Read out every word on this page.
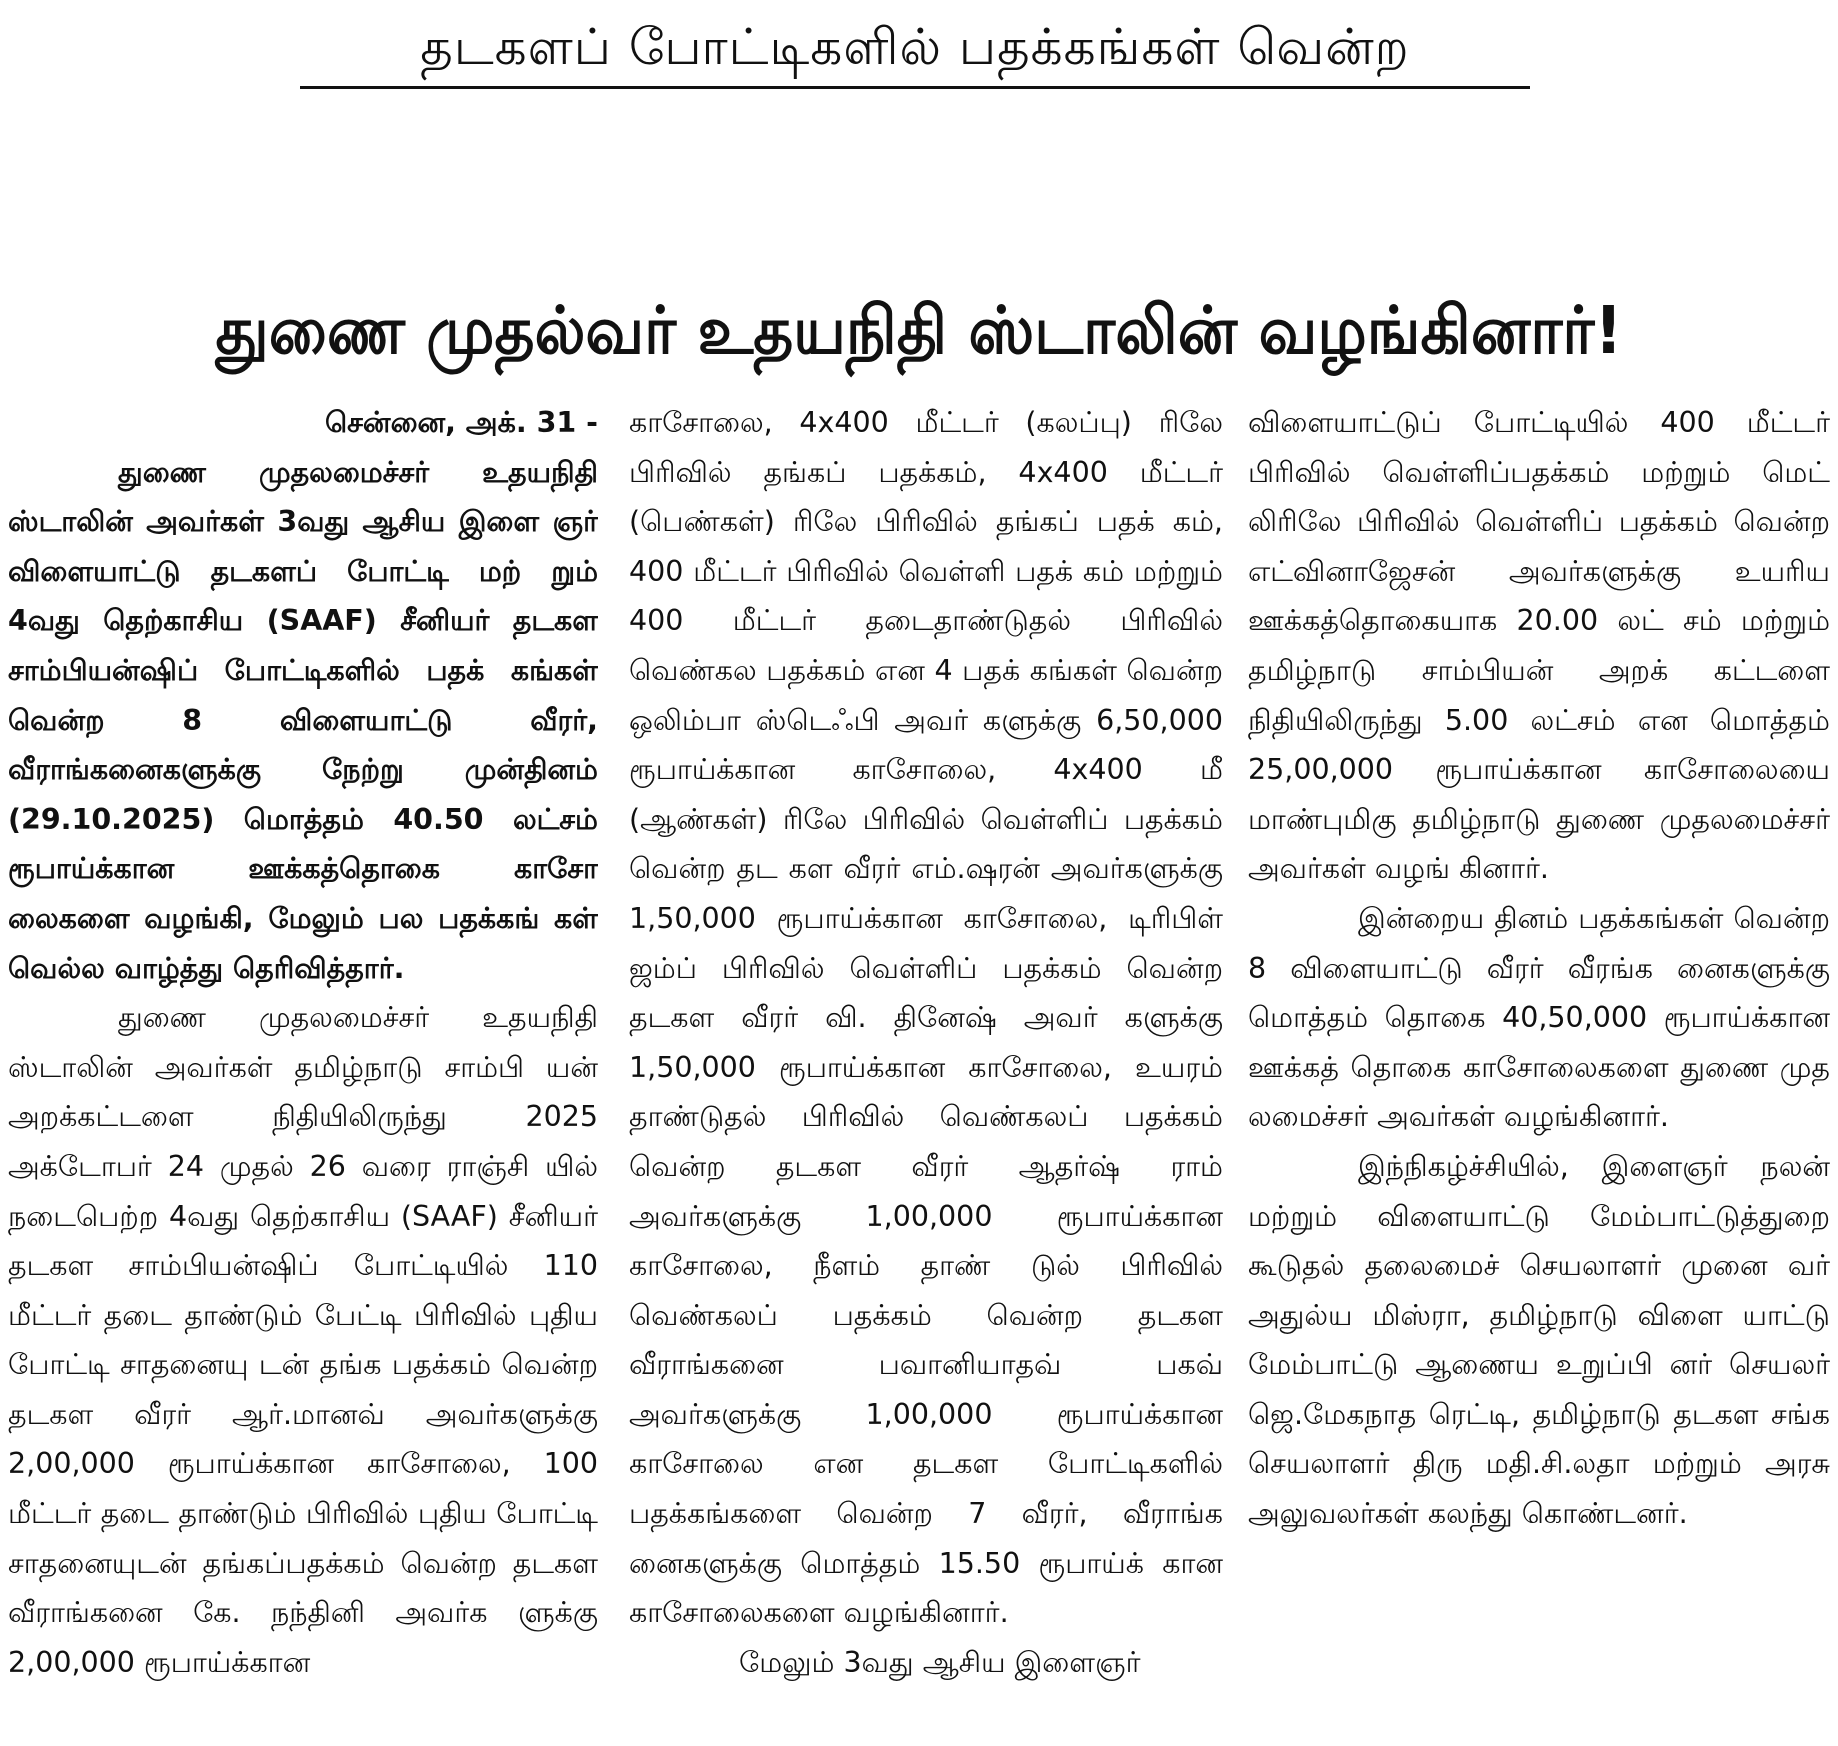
தடகளப் போட்டிகளில் பதக்கங்கள் வென்ற
துணை முதல்வர் உதயநிதி ஸ்டாலின் வழங்கினார்!
சென்னை, அக். 31 -

துணை முதலமைச்சர் உதயநிதி ஸ்டாலின் அவர்கள் 3வது ஆசிய இளை ஞர் விளையாட்டு தடகளப் போட்டி மற் றும் 4வது தெற்காசிய (SAAF) சீனியர் தடகள சாம்பியன்ஷிப் போட்டிகளில் பதக் கங்கள் வென்ற 8 விளையாட்டு வீரர், வீராங்கனைகளுக்கு நேற்று முன்தினம் (29.10.2025) மொத்தம் 40.50 லட்சம் ரூபாய்க்கான ஊக்கத்தொகை காசோ லைகளை வழங்கி, மேலும் பல பதக்கங் கள் வெல்ல வாழ்த்து தெரிவித்தார்.

துணை முதலமைச்சர் உதயநிதி ஸ்டாலின் அவர்கள் தமிழ்நாடு சாம்பி யன் அறக்கட்டளை நிதியிலிருந்து 2025 அக்டோபர் 24 முதல் 26 வரை ராஞ்சி யில் நடைபெற்ற 4வது தெற்காசிய (SAAF) சீனியர் தடகள சாம்பியன்ஷிப் போட்டியில் 110 மீட்டர் தடை தாண்டும் பேட்டி பிரிவில் புதிய போட்டி சாதனையு டன் தங்க பதக்கம் வென்ற தடகள வீரர் ஆர்.மானவ் அவர்களுக்கு 2,00,000 ரூபாய்க்கான காசோலை, 100 மீட்டர் தடை தாண்டும் பிரிவில் புதிய போட்டி சாதனையுடன் தங்கப்பதக்கம் வென்ற தடகள வீராங்கனை கே. நந்தினி அவர்க ளுக்கு 2,00,000 ரூபாய்க்கான

காசோலை, 4x400 மீட்டர் (கலப்பு) ரிலே பிரிவில் தங்கப் பதக்கம், 4x400 மீட்டர் (பெண்கள்) ரிலே பிரிவில் தங்கப் பதக் கம், 400 மீட்டர் பிரிவில் வெள்ளி பதக் கம் மற்றும் 400 மீட்டர் தடைதாண்டுதல் பிரிவில் வெண்கல பதக்கம் என 4 பதக் கங்கள் வென்ற ஒலிம்பா ஸ்டெஃபி அவர் களுக்கு 6,50,000 ரூபாய்க்கான காசோலை, 4x400 மீ (ஆண்கள்) ரிலே பிரிவில் வெள்ளிப் பதக்கம் வென்ற தட கள வீரர் எம்.ஷரன் அவர்களுக்கு 1,50,000 ரூபாய்க்கான காசோலை, டிரிபிள் ஜம்ப் பிரிவில் வெள்ளிப் பதக்கம் வென்ற தடகள வீரர் வி. தினேஷ் அவர் களுக்கு 1,50,000 ரூபாய்க்கான காசோலை, உயரம் தாண்டுதல் பிரிவில் வெண்கலப் பதக்கம் வென்ற தடகள வீரர் ஆதர்ஷ் ராம் அவர்களுக்கு 1,00,000 ரூபாய்க்கான காசோலை, நீளம் தாண் டுல் பிரிவில் வெண்கலப் பதக்கம் வென்ற தடகள வீராங்கனை பவானியாதவ் பகவ் அவர்களுக்கு 1,00,000 ரூபாய்க்கான காசோலை என தடகள போட்டிகளில் பதக்கங்களை வென்ற 7 வீரர், வீராங்க னைகளுக்கு மொத்தம் 15.50 ரூபாய்க் கான காசோலைகளை வழங்கினார்.

மேலும் 3வது ஆசிய இளைஞர்

விளையாட்டுப் போட்டியில் 400 மீட்டர் பிரிவில் வெள்ளிப்பதக்கம் மற்றும் மெட் லிரிலே பிரிவில் வெள்ளிப் பதக்கம் வென்ற எட்வினாஜேசன் அவர்களுக்கு உயரிய ஊக்கத்தொகையாக 20.00 லட் சம் மற்றும் தமிழ்நாடு சாம்பியன் அறக் கட்டளை நிதியிலிருந்து 5.00 லட்சம் என மொத்தம் 25,00,000 ரூபாய்க்கான காசோலையை மாண்புமிகு தமிழ்நாடு துணை முதலமைச்சர் அவர்கள் வழங் கினார்.

இன்றைய தினம் பதக்கங்கள் வென்ற 8 விளையாட்டு வீரர் வீரங்க னைகளுக்கு மொத்தம் தொகை 40,50,000 ரூபாய்க்கான ஊக்கத் தொகை காசோலைகளை துணை முத லமைச்சர் அவர்கள் வழங்கினார்.

இந்நிகழ்ச்சியில், இளைஞர் நலன் மற்றும் விளையாட்டு மேம்பாட்டுத்துறை கூடுதல் தலைமைச் செயலாளர் முனை வர் அதுல்ய மிஸ்ரா, தமிழ்நாடு விளை யாட்டு மேம்பாட்டு ஆணைய உறுப்பி னர் செயலர் ஜெ.மேகநாத ரெட்டி, தமிழ்நாடு தடகள சங்க செயலாளர் திரு மதி.சி.லதா மற்றும் அரசு அலுவலர்கள் கலந்து கொண்டனர்.
